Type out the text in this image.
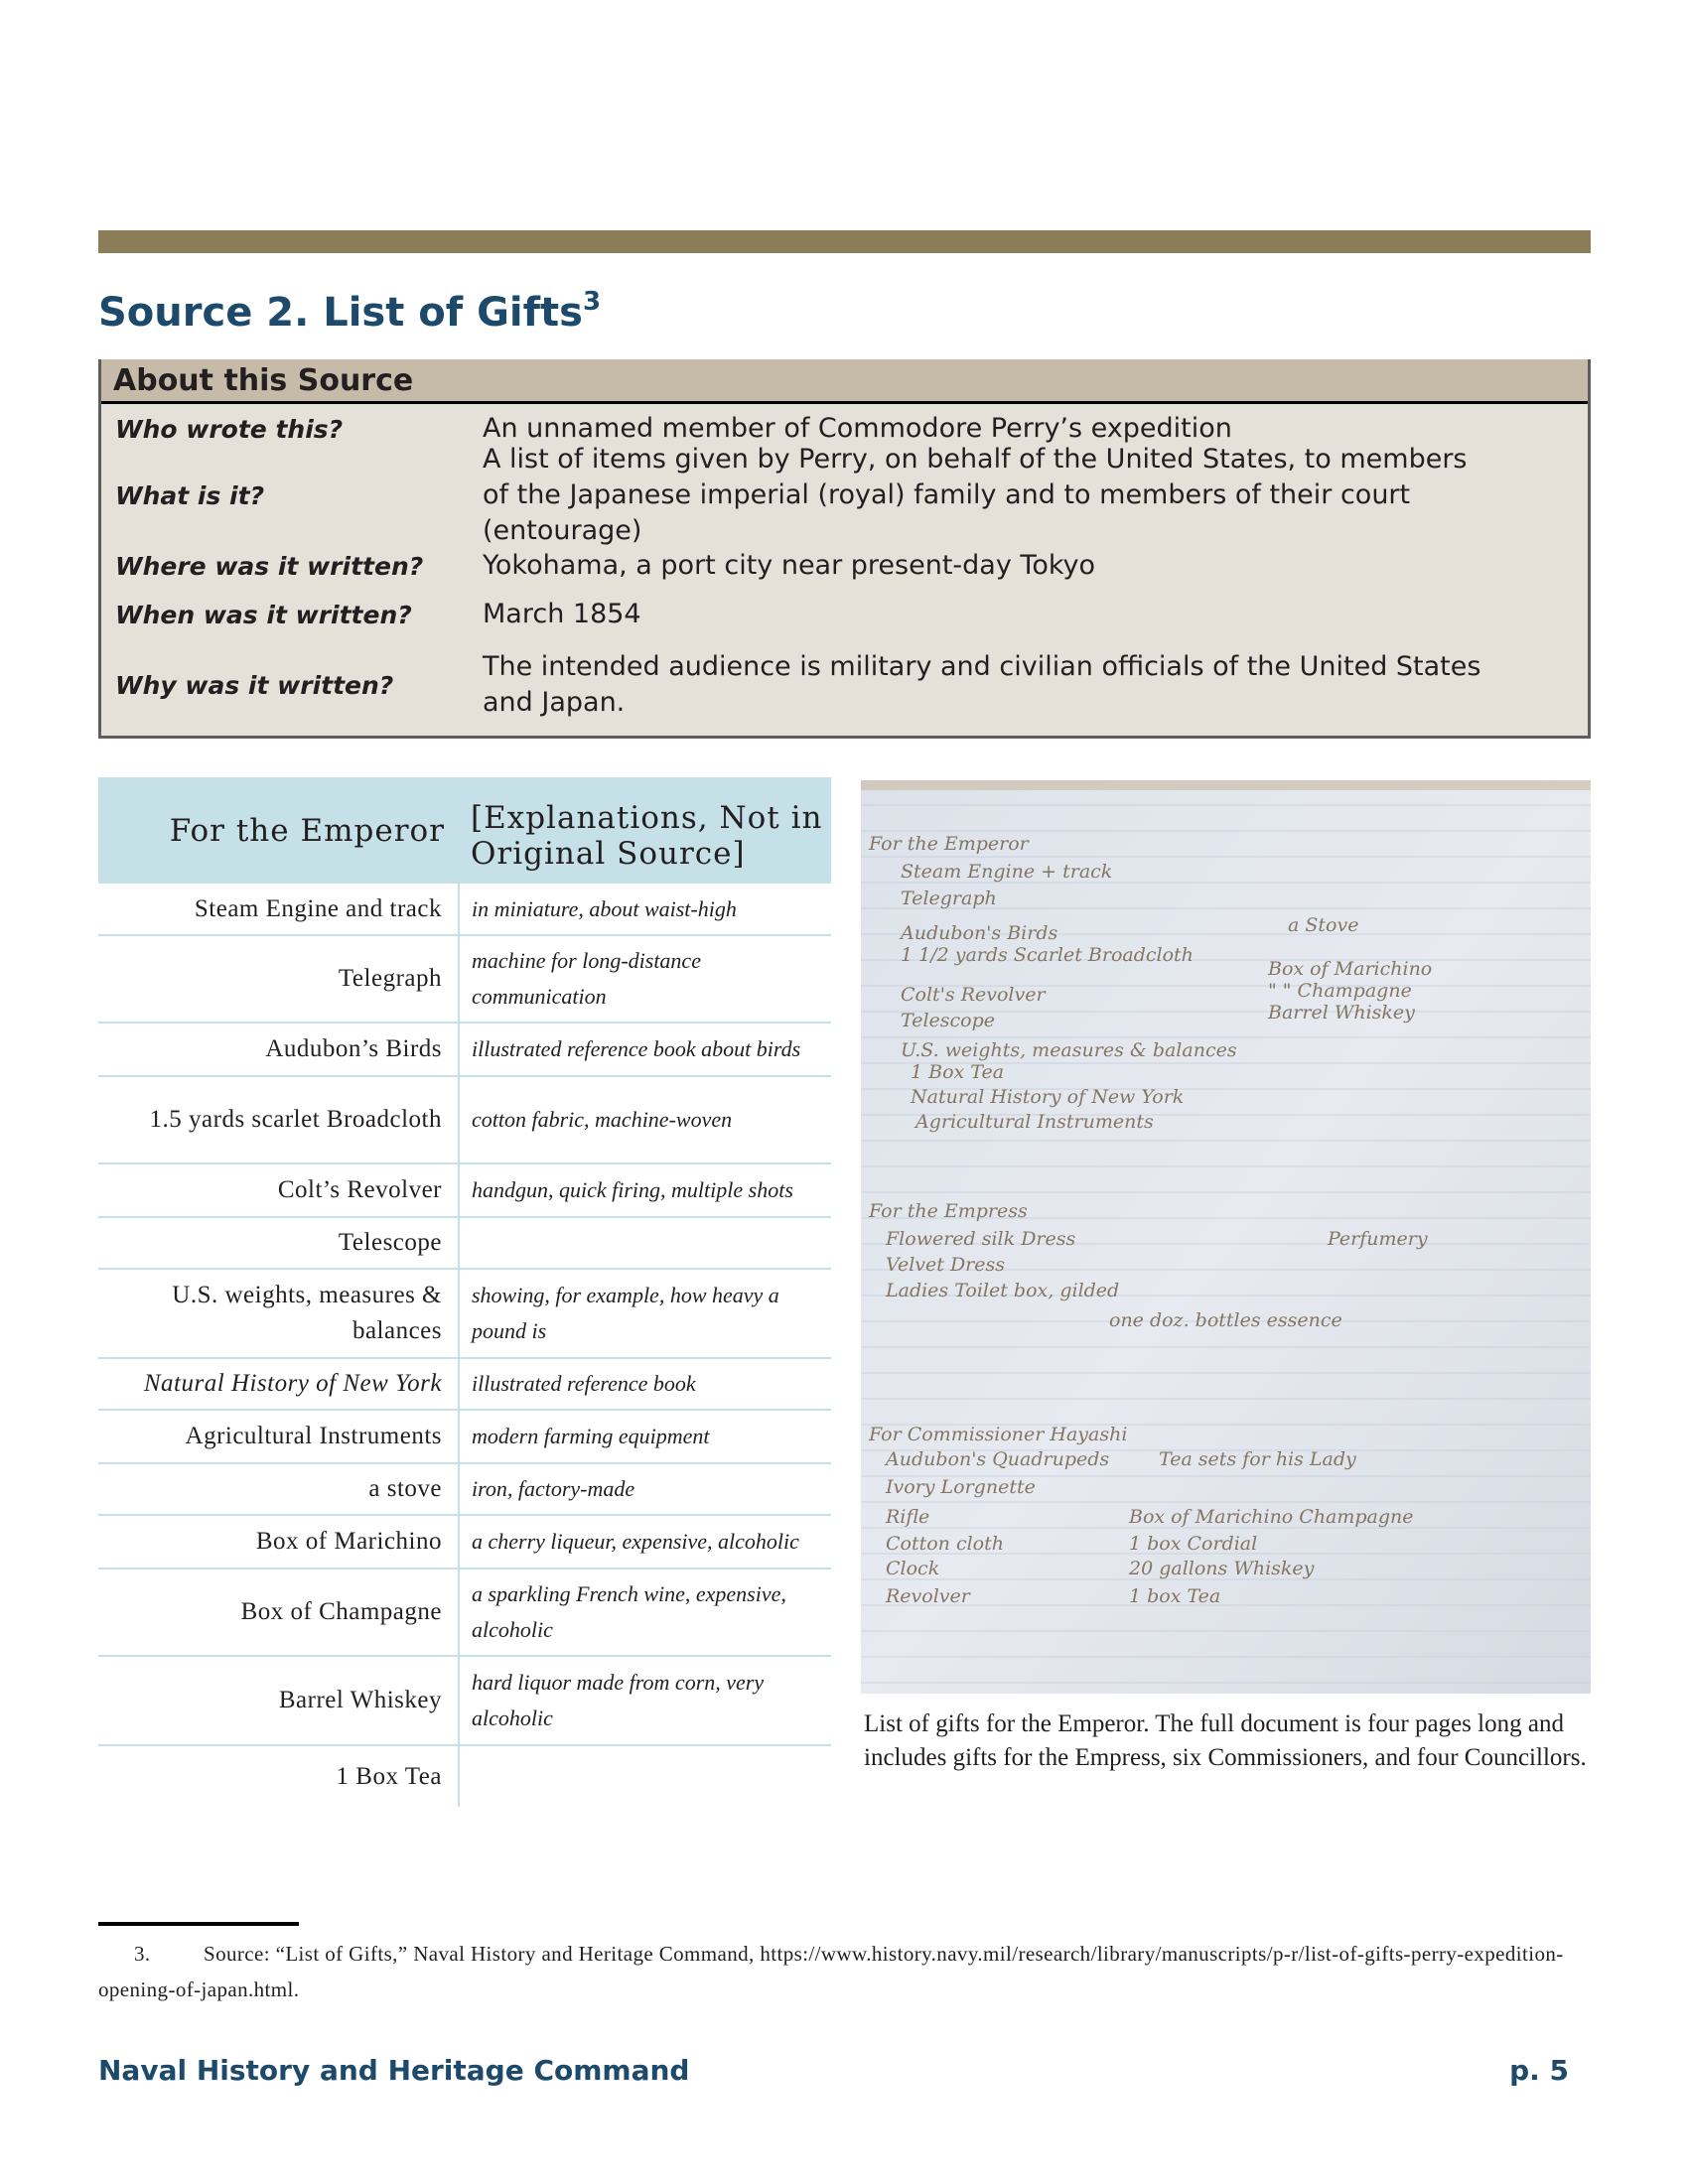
Source 2. List of Gifts$^3$
About this Source
Who wrote this?	An unnamed member of Commodore Perry’s expedition
What is it?
A list of items given by Perry, on behalf of the United States, to members of the Japanese imperial (royal) family and to members of their court (entourage)
Where was it written?	Yokohama, a port city near present-day Tokyo
When was it written?	March 1854
Why was it written?
The intended audience is military and civilian officials of the United States and Japan.
For the Emperor	[Explanations, Not in Original Source]
Steam Engine and track	in miniature, about waist-high
Telegraph	machine for long-distance communication
Audubon’s Birds	illustrated reference book about birds
1.5 yards scarlet Broadcloth	cotton fabric, machine-woven
Colt’s Revolver	handgun, quick firing, multiple shots
Telescope	
U.S. weights, measures & balances	showing, for example, how heavy a pound is
Natural History of New York	illustrated reference book
Agricultural Instruments	modern farming equipment
a stove	iron, factory-made
Box of Marichino	a cherry liqueur, expensive, alcoholic
Box of Champagne	a sparkling French wine, expensive, alcoholic
Barrel Whiskey	hard liquor made from corn, very alcoholic
1 Box Tea	
For the Emperor
Steam Engine + track
Telegraph
a Stove
Audubon's Birds
1 1/2 yards Scarlet Broadcloth
Box of Marichino
Colt's Revolver	" " Champagne
Telescope	Barrel Whiskey
U.S. weights, measures & balances
1 Box Tea
Natural History of New York
Agricultural Instruments
For the Empress
Flowered silk Dress	Perfumery
Velvet Dress
Ladies Toilet box, gilded
one doz. bottles essence
For Commissioner Hayashi
Audubon's Quadrupeds	Tea sets for his Lady
Ivory Lorgnette
Rifle	Box of Marichino Champagne
Cotton cloth	1 box Cordial
Clock	20 gallons Whiskey
Revolver	1 box Tea

List of gifts for the Emperor. The full document is four pages long and includes gifts for the Empress, six Commissioners, and four Councillors.

3.	Source: “List of Gifts,” Naval History and Heritage Command, https://www.history.navy.mil/research/library/manuscripts/p-r/list-of-gifts-perry-expedition-opening-of-japan.html.

Naval History and Heritage Command	p. 5
